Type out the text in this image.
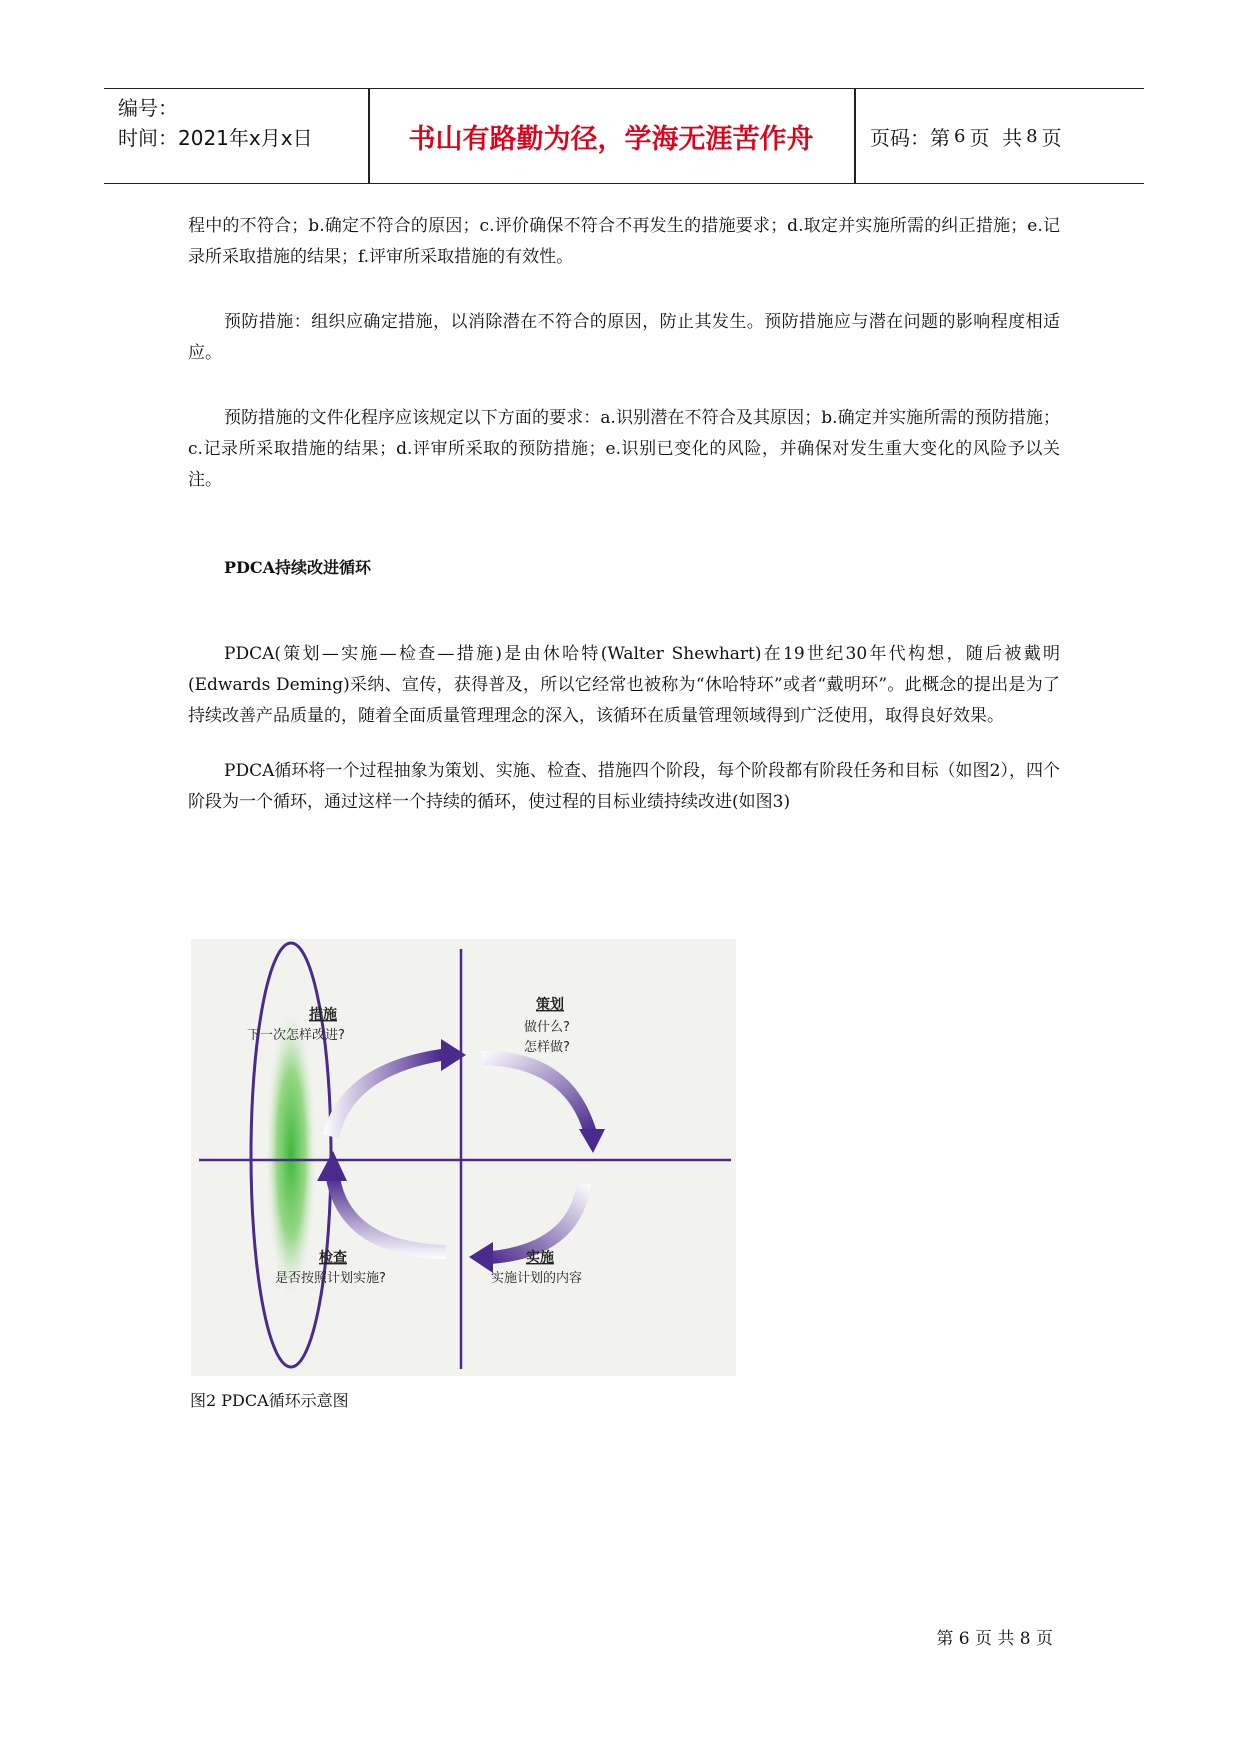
编号：
时间：2021年x月x日	书山有路勤为径，学海无涯苦作舟	页码：第 6 页  共 8 页

程中的不符合；b.确定不符合的原因；c.评价确保不符合不再发生的措施要求；d.取定并实施所需的纠正措施；e.记录所采取措施的结果；f.评审所采取措施的有效性。

预防措施：组织应确定措施，以消除潜在不符合的原因，防止其发生。预防措施应与潜在问题的影响程度相适应。

预防措施的文件化程序应该规定以下方面的要求：a.识别潜在不符合及其原因；b.确定并实施所需的预防措施；c.记录所采取措施的结果；d.评审所采取的预防措施；e.识别已变化的风险，并确保对发生重大变化的风险予以关注。

PDCA持续改进循环

PDCA(策划—实施—检查—措施)是由休哈特(Walter Shewhart)在19世纪30年代构想，随后被戴明(Edwards Deming)采纳、宣传，获得普及，所以它经常也被称为“休哈特环”或者“戴明环”。此概念的提出是为了持续改善产品质量的，随着全面质量管理理念的深入，该循环在质量管理领域得到广泛使用，取得良好效果。

PDCA循环将一个过程抽象为策划、实施、检查、措施四个阶段，每个阶段都有阶段任务和目标（如图2），四个阶段为一个循环，通过这样一个持续的循环，使过程的目标业绩持续改进(如图3)

措施
下一次怎样改进?
策划
做什么?
怎样做?
检查
是否按照计划实施?
实施
实施计划的内容
图2 PDCA循环示意图
第 6 页 共 8 页
